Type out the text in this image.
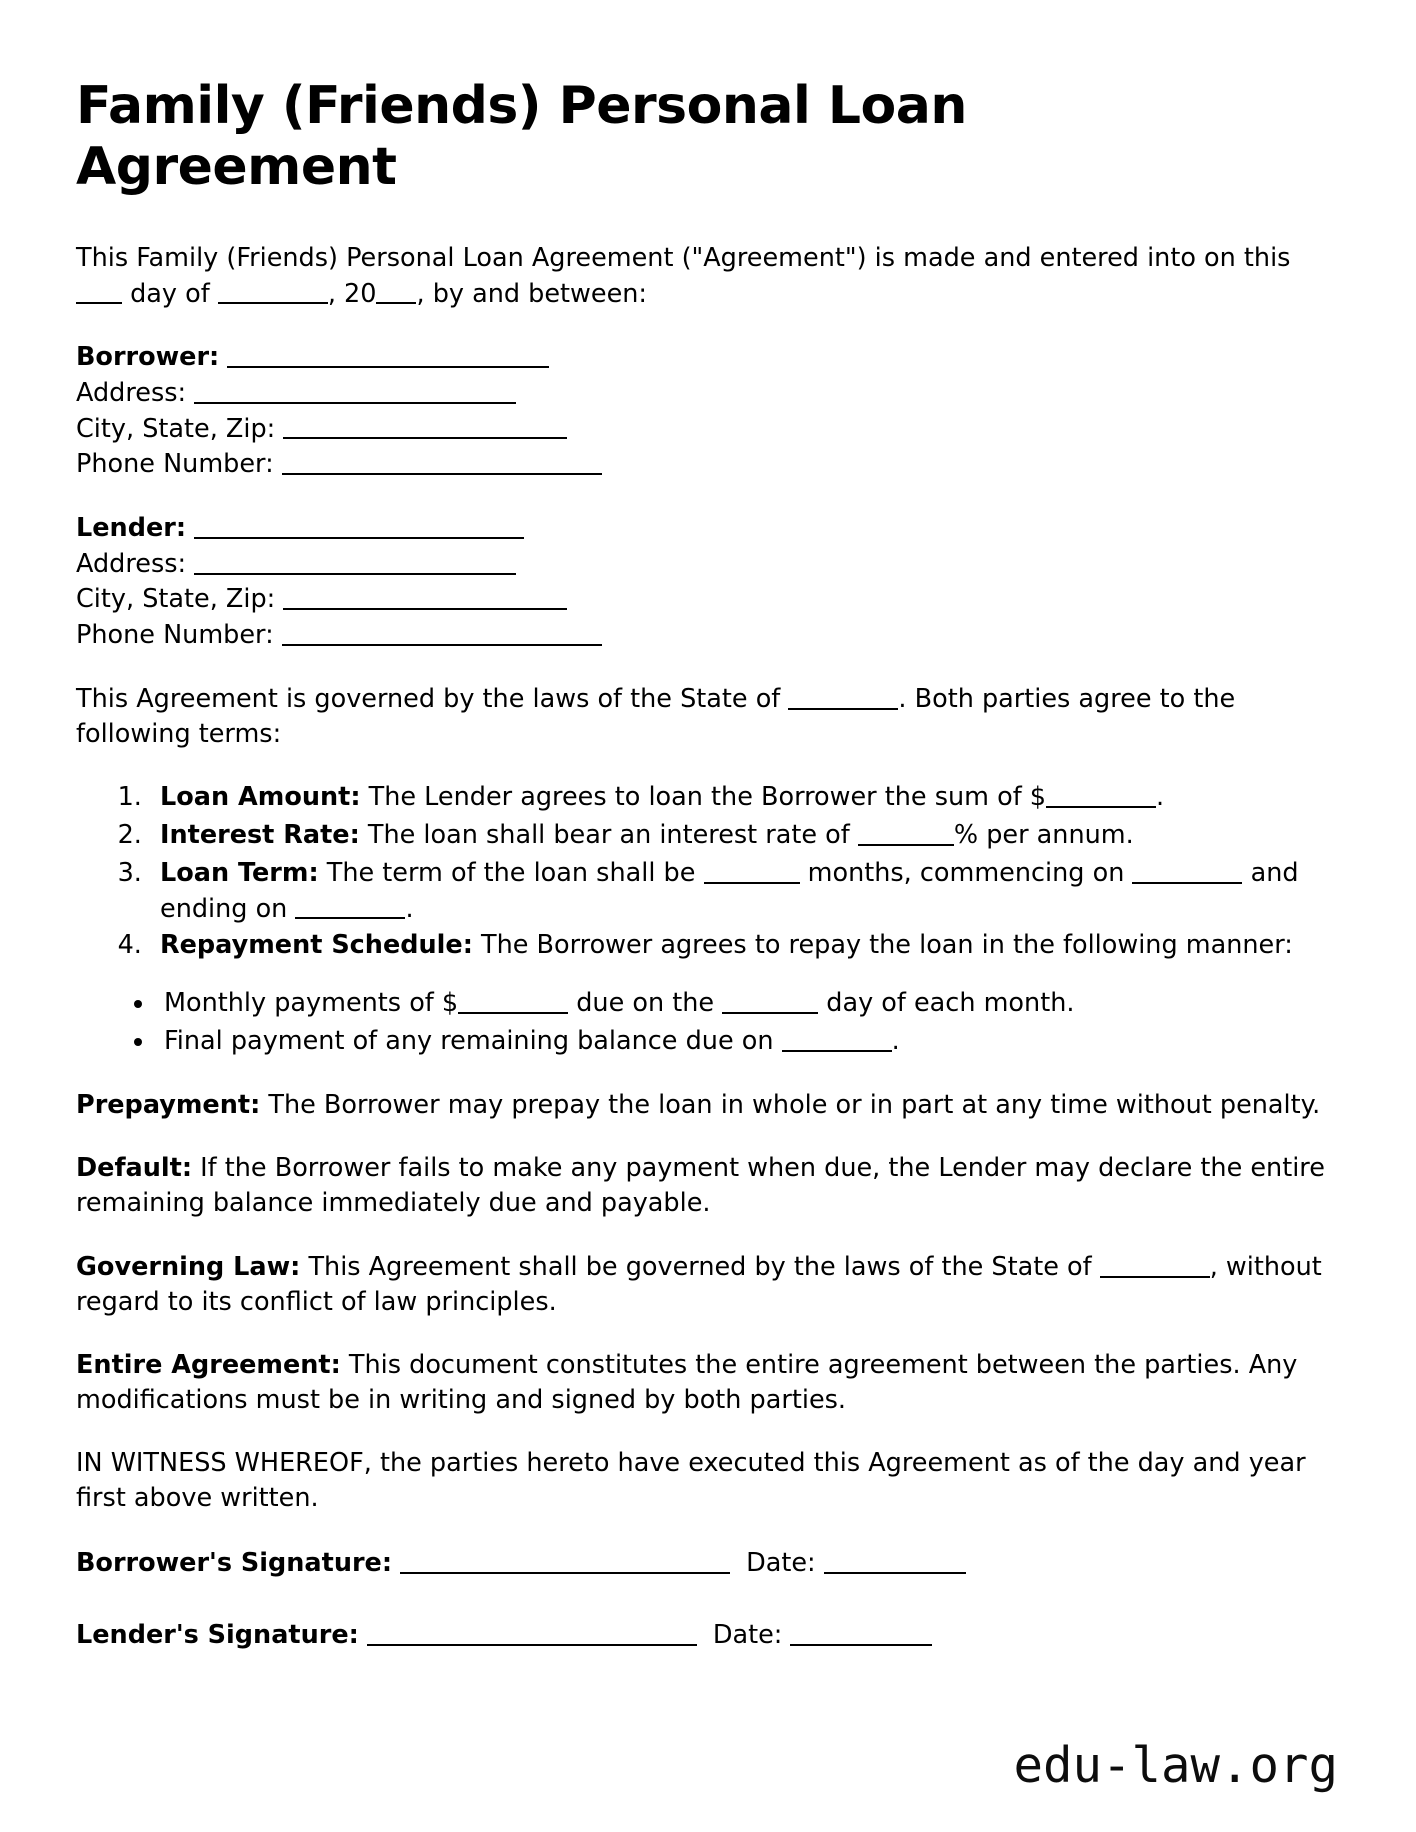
Family (Friends) Personal Loan Agreement

This Family (Friends) Personal Loan Agreement ("Agreement") is made and entered into on this  day of	, 20 , by and between:

Borrower:
Address:
City, State, Zip:
Phone Number:
Lender:
Address:
City, State, Zip:
Phone Number:

This Agreement is governed by the laws of the State of	. Both parties agree to the following terms:

1. Loan Amount: The Lender agrees to loan the Borrower the sum of $	.
2. Interest Rate: The loan shall bear an interest rate of	% per annum.
3. Loan Term: The term of the loan shall be	months, commencing on	and ending on	.
4. Repayment Schedule: The Borrower agrees to repay the loan in the following manner:
• Monthly payments of $	due on the	day of each month.
• Final payment of any remaining balance due on	.

Prepayment: The Borrower may prepay the loan in whole or in part at any time without penalty.

Default: If the Borrower fails to make any payment when due, the Lender may declare the entire remaining balance immediately due and payable.

Governing Law: This Agreement shall be governed by the laws of the State of	, without regard to its conflict of law principles.

Entire Agreement: This document constitutes the entire agreement between the parties. Any modifications must be in writing and signed by both parties.

IN WITNESS WHEREOF, the parties hereto have executed this Agreement as of the day and year first above written.

Borrower's Signature:	Date:
Lender's Signature:	Date:
edu-law.org
